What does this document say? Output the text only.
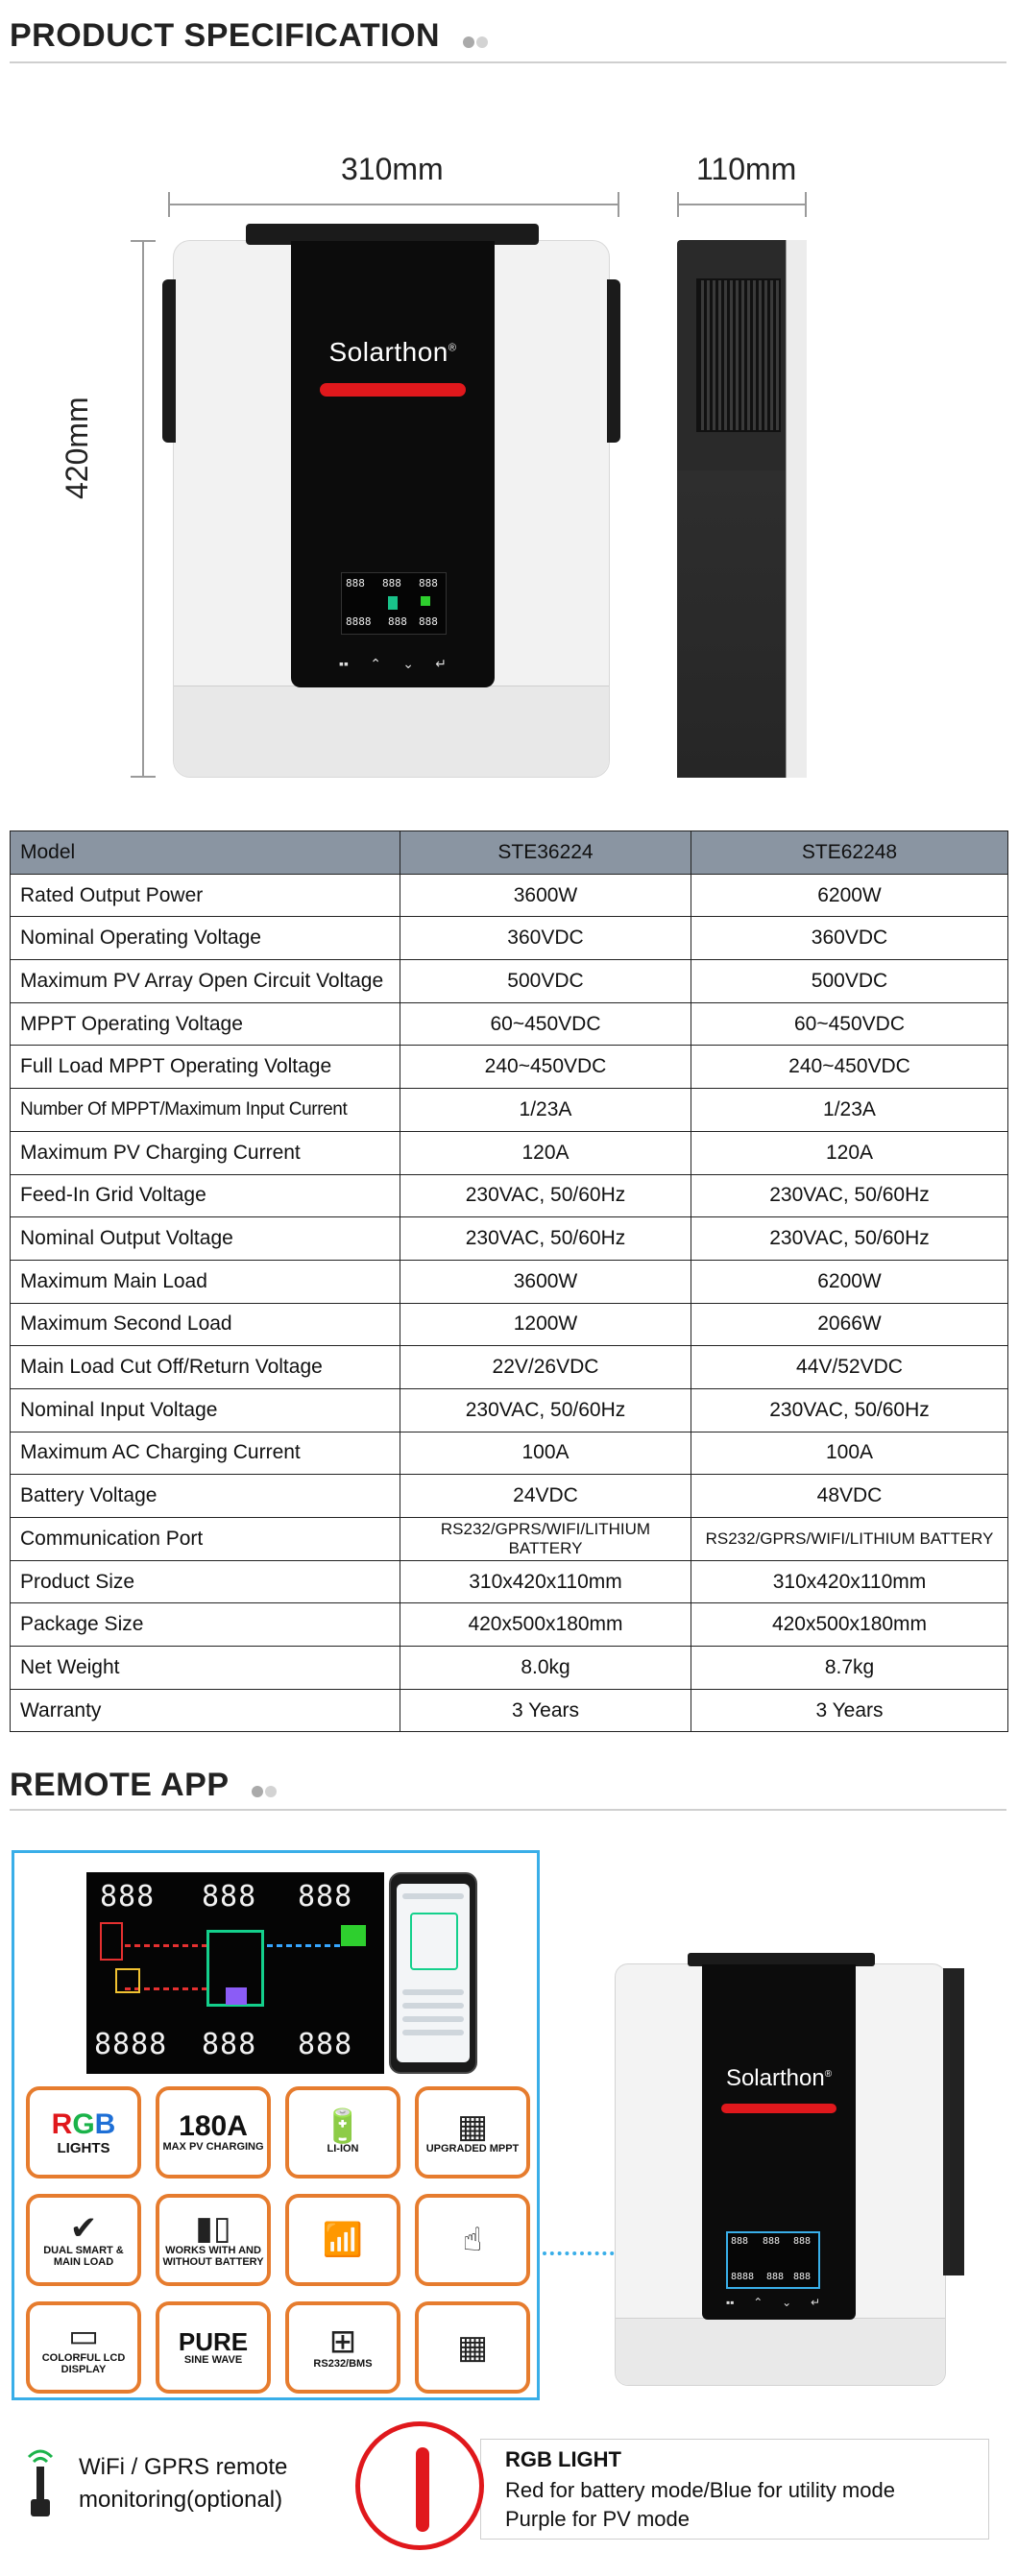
PRODUCT SPECIFICATION
310mm	110mm
420mm
Solarthon®
888 888 888
8888 888 888
▪▪ ⌃ ⌄ ↵
Model	STE36224	STE62248
Rated Output Power	3600W	6200W
Nominal Operating Voltage	360VDC	360VDC
Maximum PV Array Open Circuit Voltage	500VDC	500VDC
MPPT Operating Voltage	60~450VDC	60~450VDC
Full Load MPPT Operating Voltage	240~450VDC	240~450VDC
Number Of MPPT/Maximum Input Current	1/23A	1/23A
Maximum PV Charging Current	120A	120A
Feed-In Grid Voltage	230VAC, 50/60Hz	230VAC, 50/60Hz
Nominal Output Voltage	230VAC, 50/60Hz	230VAC, 50/60Hz
Maximum Main Load	3600W	6200W
Maximum Second Load	1200W	2066W
Main Load Cut Off/Return Voltage	22V/26VDC	44V/52VDC
Nominal Input Voltage	230VAC, 50/60Hz	230VAC, 50/60Hz
Maximum AC Charging Current	100A	100A
Battery Voltage	24VDC	48VDC
Communication Port	RS232/GPRS/WIFI/LITHIUM BATTERY	RS232/GPRS/WIFI/LITHIUM BATTERY
Product Size	310x420x110mm	310x420x110mm
Package Size	420x500x180mm	420x500x180mm
Net Weight	8.0kg	8.7kg
Warranty	3 Years	3 Years
REMOTE APP
888 888 888
8888 888 888
RGB
LIGHTS
180A
MAX PV CHARGING
🔋
LI-ION
▦
UPGRADED MPPT
✔
DUAL SMART & MAIN LOAD
▮▯
WORKS WITH AND WITHOUT BATTERY
📶	☝
▭
COLORFUL LCD DISPLAY
PURE
SINE WAVE	⊞
RS232/BMS	▦
Solarthon®
888 888 888
8888 888 888
▪▪ ⌃ ⌄ ↵
WiFi / GPRS remote
monitoring(optional)
RGB LIGHT
Red for battery mode/Blue for utility mode
Purple for PV mode
